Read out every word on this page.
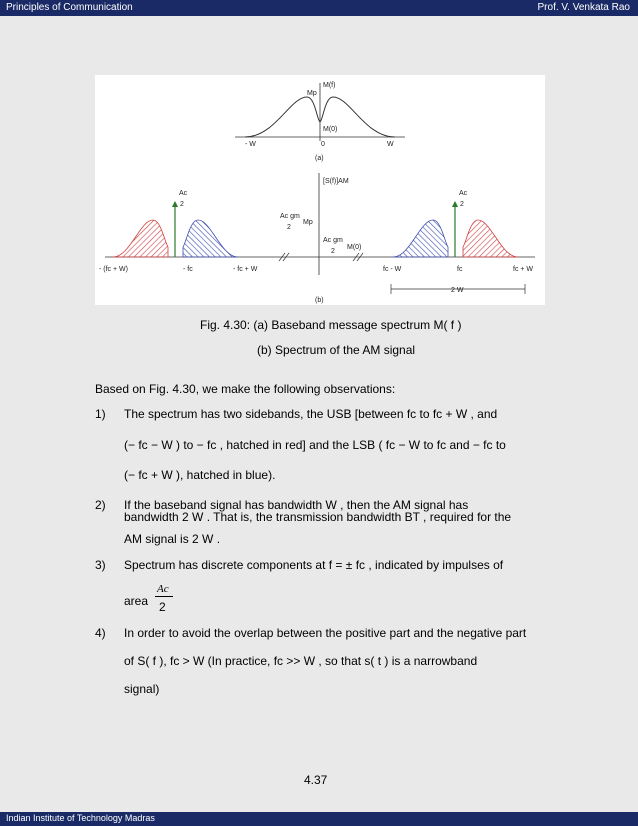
Principles of Communication	Prof. V. Venkata Rao
M(f)
Mp
M(0)
0
- W	W
(a)
[S(f)]AM
Ac
2
Ac
2
Ac gm
2
Mp
Ac gm
2
M(0)
- (fc + W)	- fc	- fc + W	fc - W	fc	fc + W
2 W
(b)
Fig. 4.30: (a) Baseband message spectrum M( f )
(b) Spectrum of the AM signal
Based on Fig. 4.30, we make the following observations:
1) The spectrum has two sidebands, the USB [between fc to fc + W , and
(− fc − W ) to − fc , hatched in red] and the LSB ( fc − W to fc and − fc to
(− fc + W ), hatched in blue).
2) If the baseband signal has bandwidth W , then the AM signal has
bandwidth 2 W . That is, the transmission bandwidth BT , required for the
AM signal is 2 W .
3) Spectrum has discrete components at f = ± fc , indicated by impulses of
area
Ac
2
4) In order to avoid the overlap between the positive part and the negative part
of S( f ), fc > W (In practice, fc >> W , so that s( t ) is a narrowband
signal)
4.37
Indian Institute of Technology Madras
